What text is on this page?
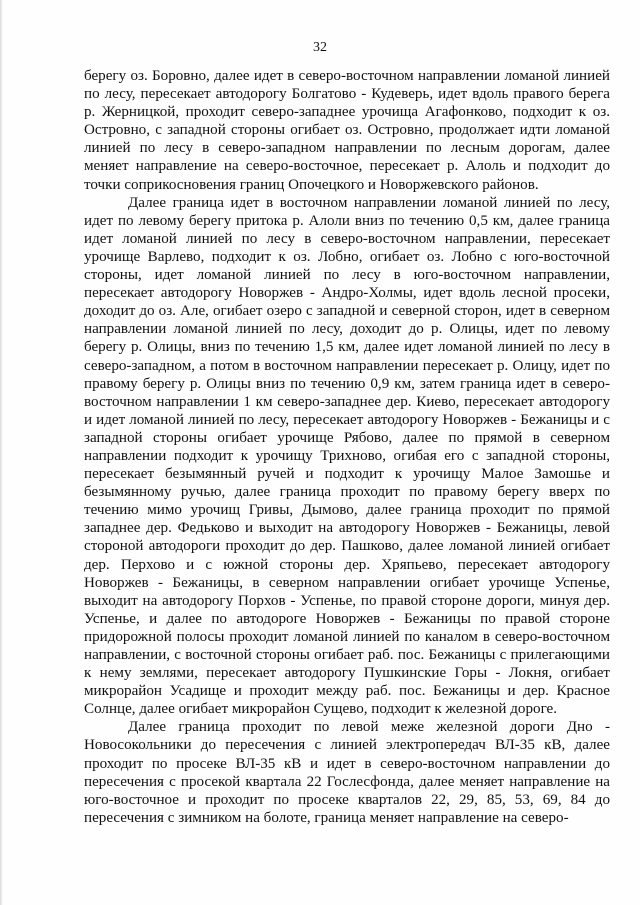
32

берегу оз. Боровно, далее идет в северо-восточном направлении ломаной линией по лесу, пересекает автодорогу Болгатово - Кудеверь, идет вдоль правого берега р. Жерницкой, проходит северо-западнее урочища Агафонково, подходит к оз. Островно, с западной стороны огибает оз. Островно, продолжает идти ломаной линией по лесу в северо-западном направлении по лесным дорогам, далее меняет направление на северо-восточное, пересекает р. Алоль и подходит до точки соприкосновения границ Опочецкого и Новоржевского районов.

Далее граница идет в восточном направлении ломаной линией по лесу, идет по левому берегу притока р. Алоли вниз по течению 0,5 км, далее граница идет ломаной линией по лесу в северо-восточном направлении, пересекает урочище Варлево, подходит к оз. Лобно, огибает оз. Лобно с юго-восточной стороны, идет ломаной линией по лесу в юго-восточном направлении, пересекает автодорогу Новоржев - Андро-Холмы, идет вдоль лесной просеки, доходит до оз. Але, огибает озеро с западной и северной сторон, идет в северном направлении ломаной линией по лесу, доходит до р. Олицы, идет по левому берегу р. Олицы, вниз по течению 1,5 км, далее идет ломаной линией по лесу в северо-западном, а потом в восточном направлении пересекает р. Олицу, идет по правому берегу р. Олицы вниз по течению 0,9 км, затем граница идет в северо-восточном направлении 1 км северо-западнее дер. Киево, пересекает автодорогу и идет ломаной линией по лесу, пересекает автодорогу Новоржев - Бежаницы и с западной стороны огибает урочище Рябово, далее по прямой в северном направлении подходит к урочищу Трихново, огибая его с западной стороны, пересекает безымянный ручей и подходит к урочищу Малое Замошье и безымянному ручью, далее граница проходит по правому берегу вверх по течению мимо урочищ Гривы, Дымово, далее граница проходит по прямой западнее дер. Федьково и выходит на автодорогу Новоржев - Бежаницы, левой стороной автодороги проходит до дер. Пашково, далее ломаной линией огибает дер. Перхово и с южной стороны дер. Хряпьево, пересекает автодорогу Новоржев - Бежаницы, в северном направлении огибает урочище Успенье, выходит на автодорогу Порхов - Успенье, по правой стороне дороги, минуя дер. Успенье, и далее по автодороге Новоржев - Бежаницы по правой стороне придорожной полосы проходит ломаной линией по каналом в северо-восточном направлении, с восточной стороны огибает раб. пос. Бежаницы с прилегающими к нему землями, пересекает автодорогу Пушкинские Горы - Локня, огибает микрорайон Усадище и проходит между раб. пос. Бежаницы и дер. Красное Солнце, далее огибает микрорайон Сущево, подходит к железной дороге.

Далее граница проходит по левой меже железной дороги Дно - Новосокольники до пересечения с линией электропередач ВЛ-35 кВ, далее проходит по просеке ВЛ-35 кВ и идет в северо-восточном направлении до пересечения с просекой квартала 22 Гослесфонда, далее меняет направление на юго-восточное и проходит по просеке кварталов 22, 29, 85, 53, 69, 84 до пересечения с зимником на болоте, граница меняет направление на северо-
